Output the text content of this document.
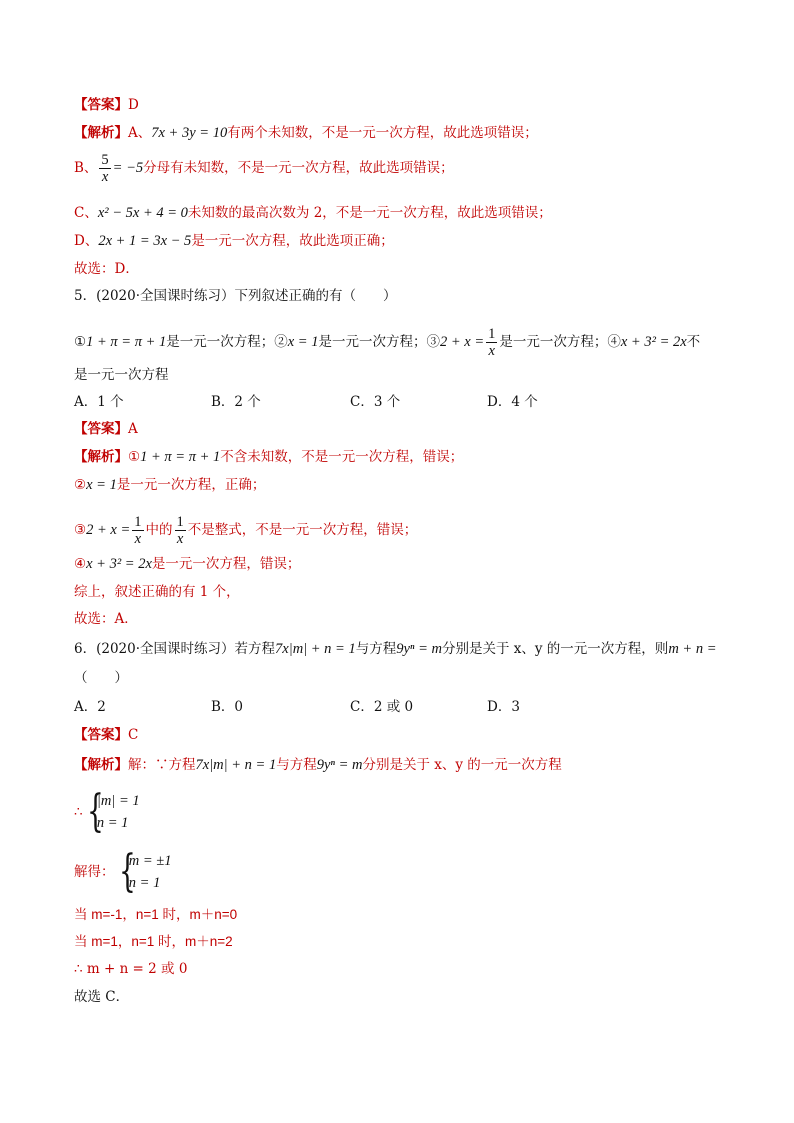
【答案】D
【解析】A、7x + 3y = 10有两个未知数，不是一元一次方程，故此选项错误；
B、 $\frac{5}{x} = -5$分母有未知数，不是一元一次方程，故此选项错误；
C、x² − 5x + 4 = 0未知数的最高次数为 2，不是一元一次方程，故此选项错误；
D、2x + 1 = 3x − 5是一元一次方程，故此选项正确；
故选：D．
5．(2020·全国课时练习）下列叙述正确的有（　　）
①1 + π = π + 1是一元一次方程；②x = 1是一元一次方程；③2 + $x = \frac{1}{x}$ 是一元一次方程；④x + 3² = 2x不
是一元一次方程
A．1 个	B．2 个	C．3 个	D．4 个
【答案】A
【解析】①1 + π = π + 1不含未知数，不是一元一次方程，错误；
②x = 1是一元一次方程，正确；
③2 + $x = \frac{1}{x}$ 中的 $\frac{1}{x}$ 不是整式，不是一元一次方程，错误；
④x + 3² = 2x是一元一次方程，错误；
综上，叙述正确的有 1 个，
故选：A．
6．(2020·全国课时练习）若方程7x|m| + n = 1与方程9yⁿ = m分别是关于 x、y 的一元一次方程，则m + n =
（　　）
A．2	B．0	C．2 或 0	D．3
【答案】C
【解析】解：∵方程7x|m| + n = 1与方程9yⁿ = m分别是关于 x、y 的一元一次方程
∴ {
|m| = 1
n = 1
解得： {
m = ±1
n = 1
当 m=-1，n=1 时，m＋n=0
当 m=1，n=1 时，m＋n=2
∴ m + n = 2 或 0
故选 C．
